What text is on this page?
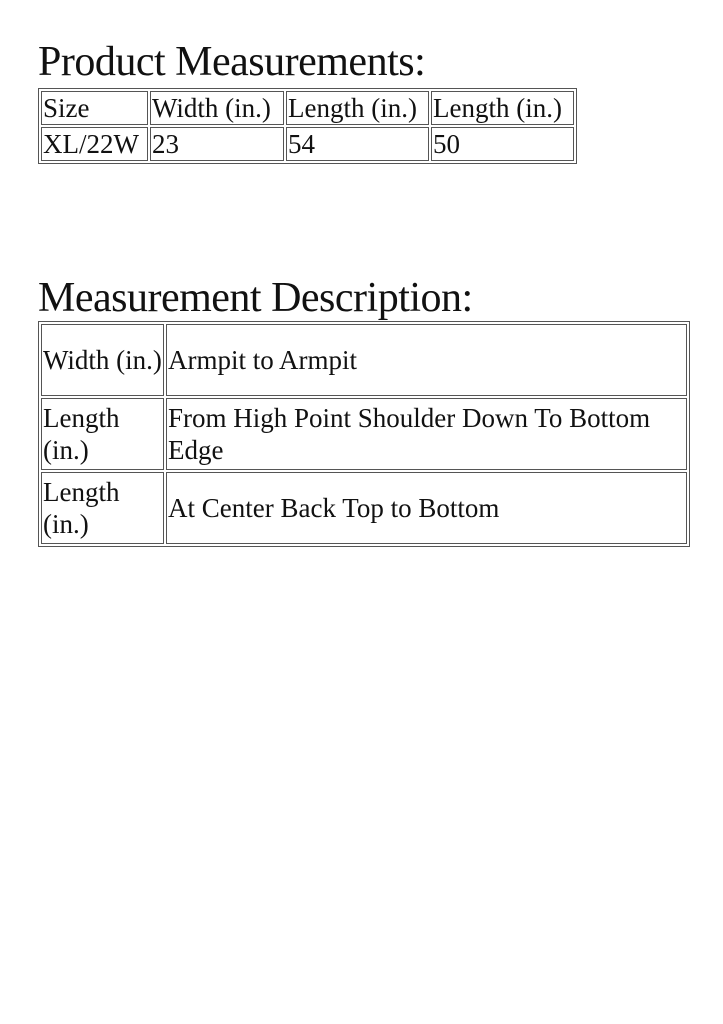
Product Measurements:
Size	Width (in.)	Length (in.)	Length (in.)
XL/22W	23	54	50
Measurement Description:
Width (in.)	Armpit to Armpit
Length (in.)	From High Point Shoulder Down To Bottom Edge
Length (in.)	At Center Back Top to Bottom
